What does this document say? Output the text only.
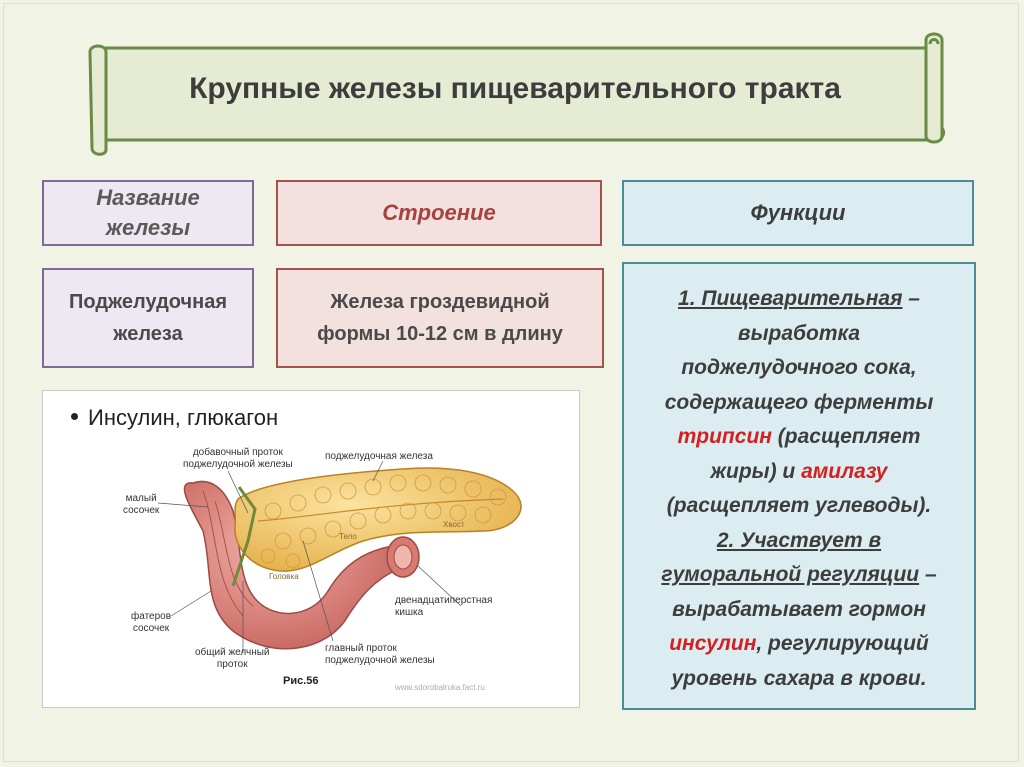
Крупные железы пищеварительного тракта
Название
железы
Строение	Функции
Поджелудочная
железа
Железа гроздевидной
формы 10-12 см в длину
1. Пищеварительная –
выработка
поджелудочного сока,
содержащего ферменты
трипсин (расщепляет
жиры) и амилазу
(расщепляет углеводы).
2. Участвует в
гуморальной регуляции –
вырабатывает гормон
инсулин, регулирующий
уровень сахара в крови.
Инсулин, глюкагон
добавочный проток
поджелудочной железы
поджелудочная железа
малый
сосочек
Хвост
Тело
Головка
двенадцатиперстная
кишка
фатеров
сосочек
общий желчный
проток
главный проток
поджелудочной железы
Рис.56
www.sdorobalruka.fact.ru
